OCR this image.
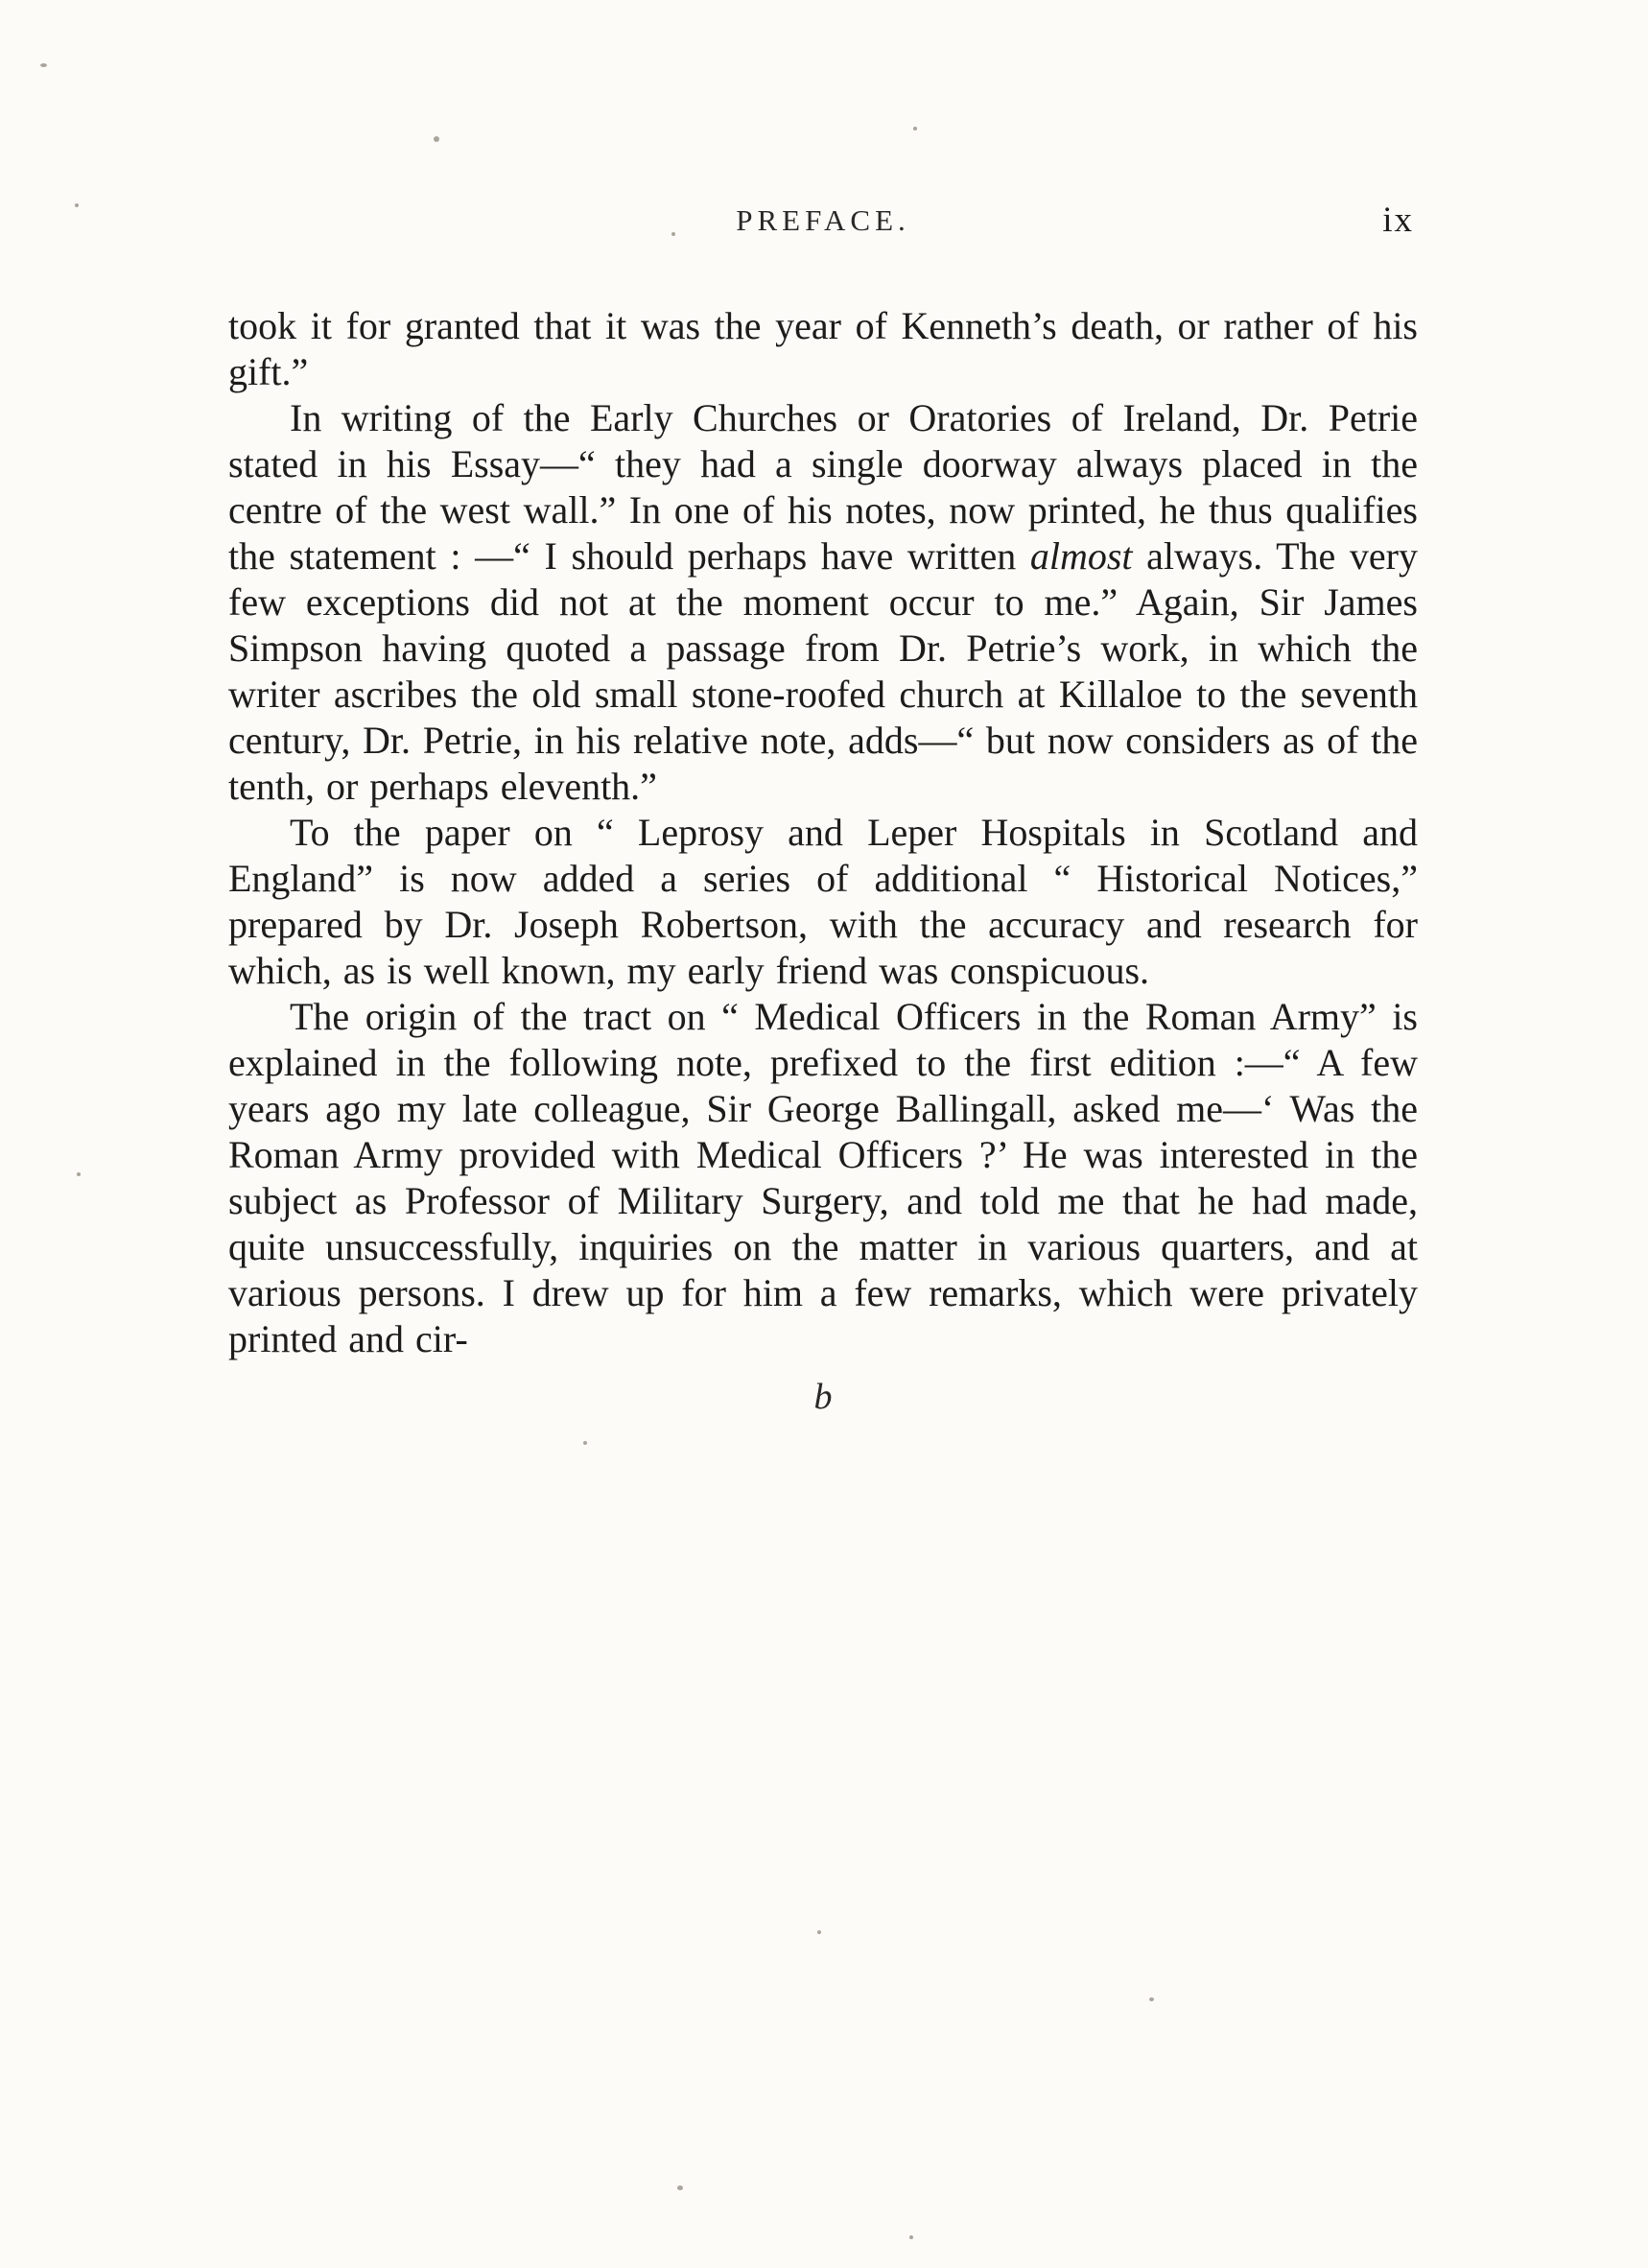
PREFACE.	ix

took it for granted that it was the year of Kenneth’s death, or rather of his gift.”

In writing of the Early Churches or Oratories of Ireland, Dr. Petrie stated in his Essay—“ they had a single doorway always placed in the centre of the west wall.” In one of his notes, now printed, he thus qualifies the statement : —“ I should perhaps have written almost always. The very few exceptions did not at the moment occur to me.” Again, Sir James Simpson having quoted a passage from Dr. Petrie’s work, in which the writer ascribes the old small stone-roofed church at Killaloe to the seventh century, Dr. Petrie, in his relative note, adds—“ but now considers as of the tenth, or perhaps eleventh.”

To the paper on “ Leprosy and Leper Hospitals in Scotland and England” is now added a series of additional “ Historical Notices,” prepared by Dr. Joseph Robertson, with the accuracy and research for which, as is well known, my early friend was conspicuous.

The origin of the tract on “ Medical Officers in the Roman Army” is explained in the following note, prefixed to the first edition :—“ A few years ago my late colleague, Sir George Ballingall, asked me—‘ Was the Roman Army provided with Medical Officers ?’ He was interested in the subject as Professor of Military Surgery, and told me that he had made, quite unsuccessfully, inquiries on the matter in various quarters, and at various persons. I drew up for him a few remarks, which were privately printed and cir-

b
